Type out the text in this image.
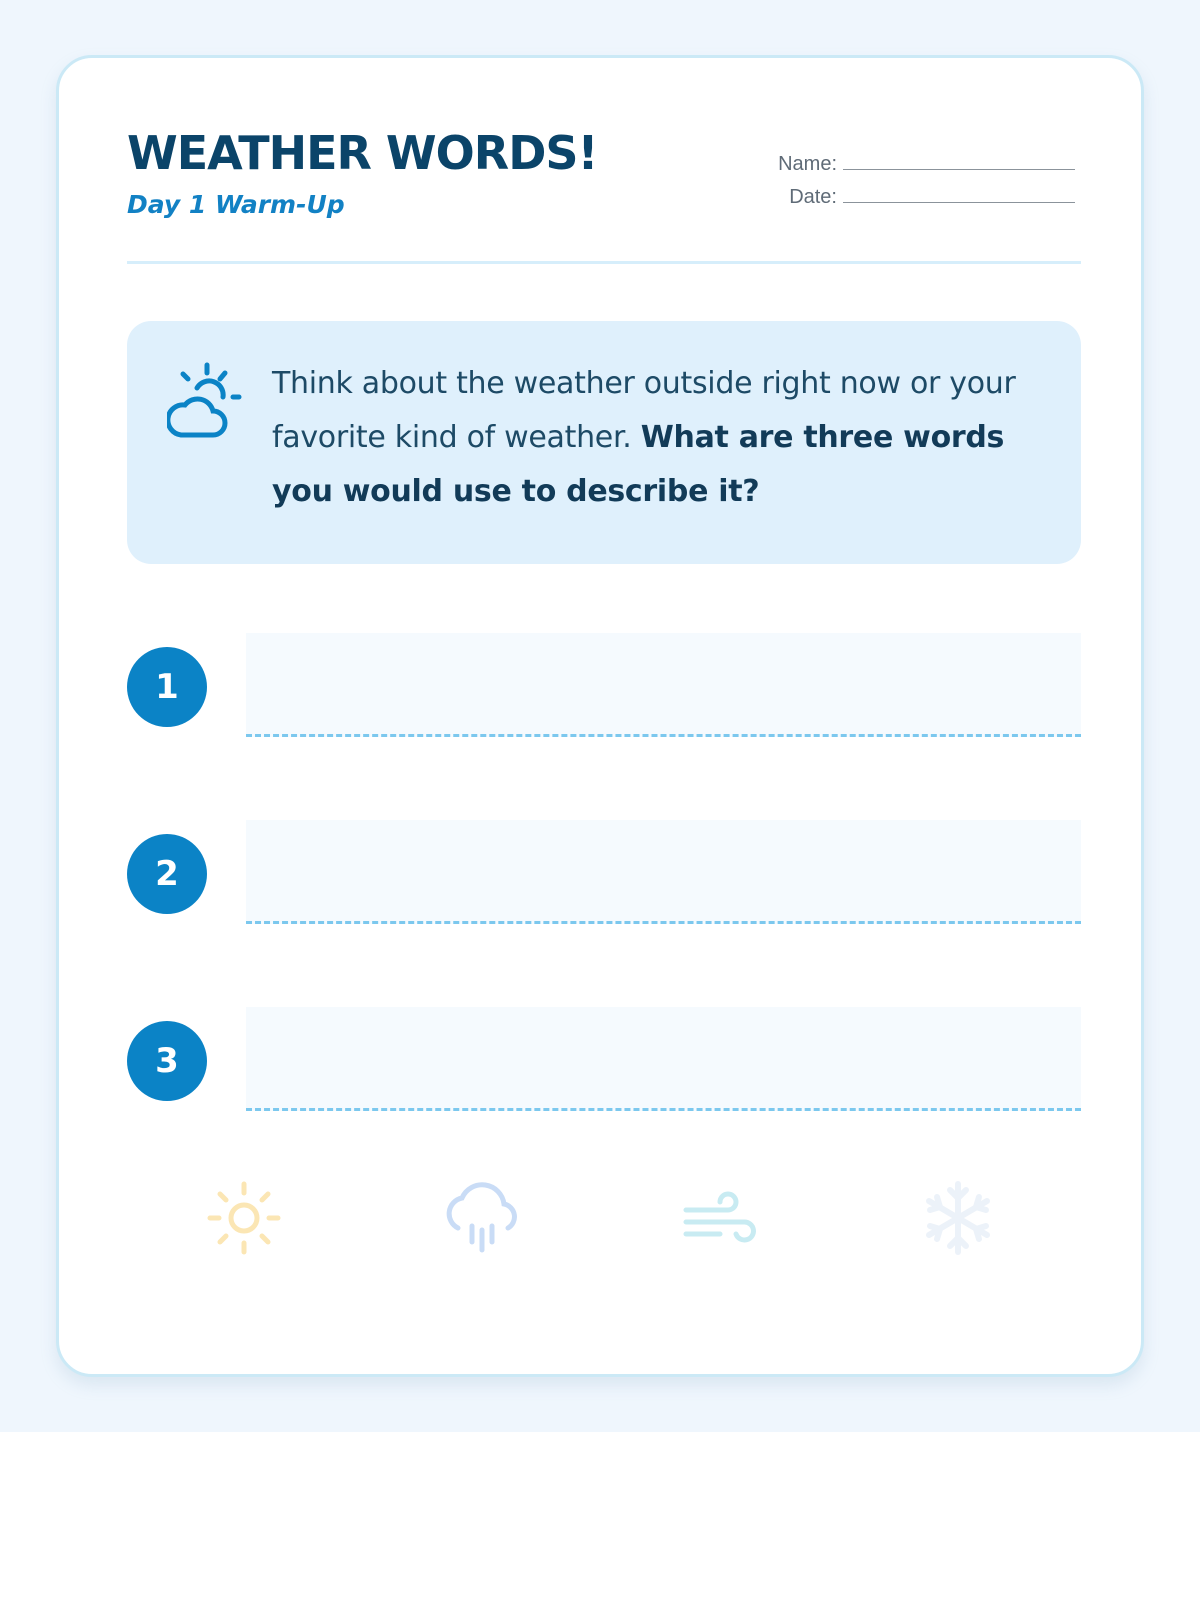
WEATHER WORDS!
Day 1 Warm-Up
Name:
Date:
Think about the weather outside right now or your favorite kind of weather. What are three words you would use to describe it?
1
2
3
